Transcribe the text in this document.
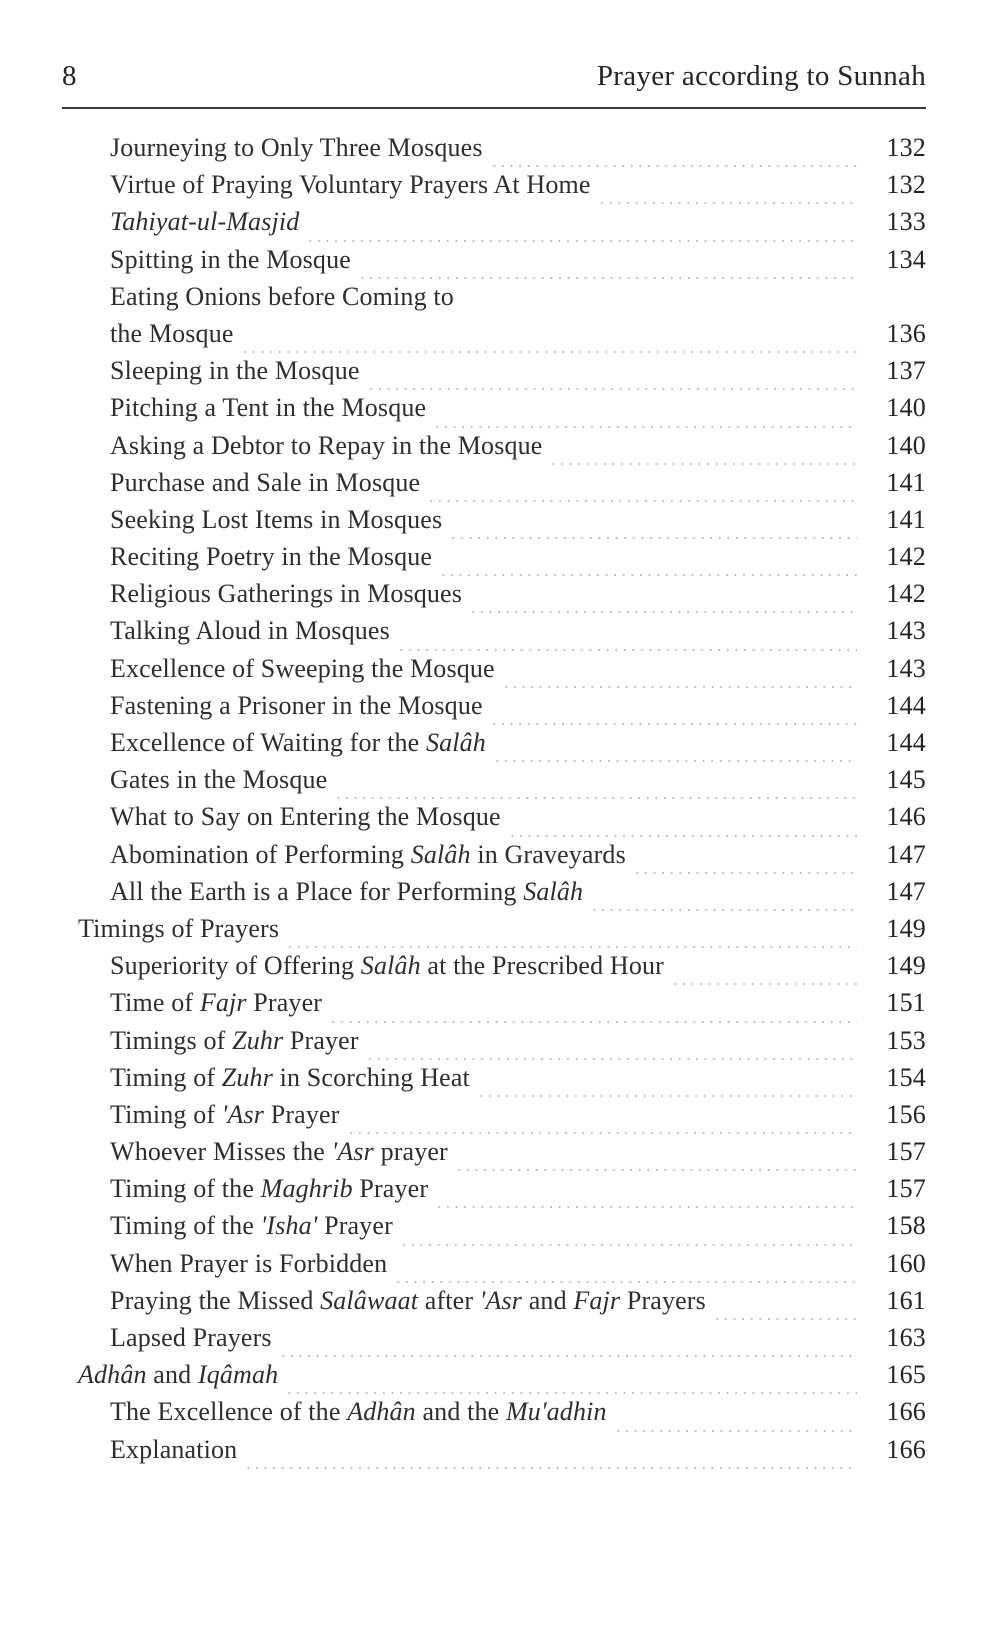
8	Prayer according to Sunnah
Journeying to Only Three Mosques	132
Virtue of Praying Voluntary Prayers At Home	132
Tahiyat-ul-Masjid	133
Spitting in the Mosque	134
Eating Onions before Coming to
the Mosque	136
Sleeping in the Mosque	137
Pitching a Tent in the Mosque	140
Asking a Debtor to Repay in the Mosque	140
Purchase and Sale in Mosque	141
Seeking Lost Items in Mosques	141
Reciting Poetry in the Mosque	142
Religious Gatherings in Mosques	142
Talking Aloud in Mosques	143
Excellence of Sweeping the Mosque	143
Fastening a Prisoner in the Mosque	144
Excellence of Waiting for the Salâh	144
Gates in the Mosque	145
What to Say on Entering the Mosque	146
Abomination of Performing Salâh in Graveyards	147
All the Earth is a Place for Performing Salâh	147
Timings of Prayers	149
Superiority of Offering Salâh at the Prescribed Hour	149
Time of Fajr Prayer	151
Timings of Zuhr Prayer	153
Timing of Zuhr in Scorching Heat	154
Timing of 'Asr Prayer	156
Whoever Misses the 'Asr prayer	157
Timing of the Maghrib Prayer	157
Timing of the 'Isha' Prayer	158
When Prayer is Forbidden	160
Praying the Missed Salâwaat after 'Asr and Fajr Prayers	161
Lapsed Prayers	163
Adhân and Iqâmah	165
The Excellence of the Adhân and the Mu'adhin	166
Explanation	166
